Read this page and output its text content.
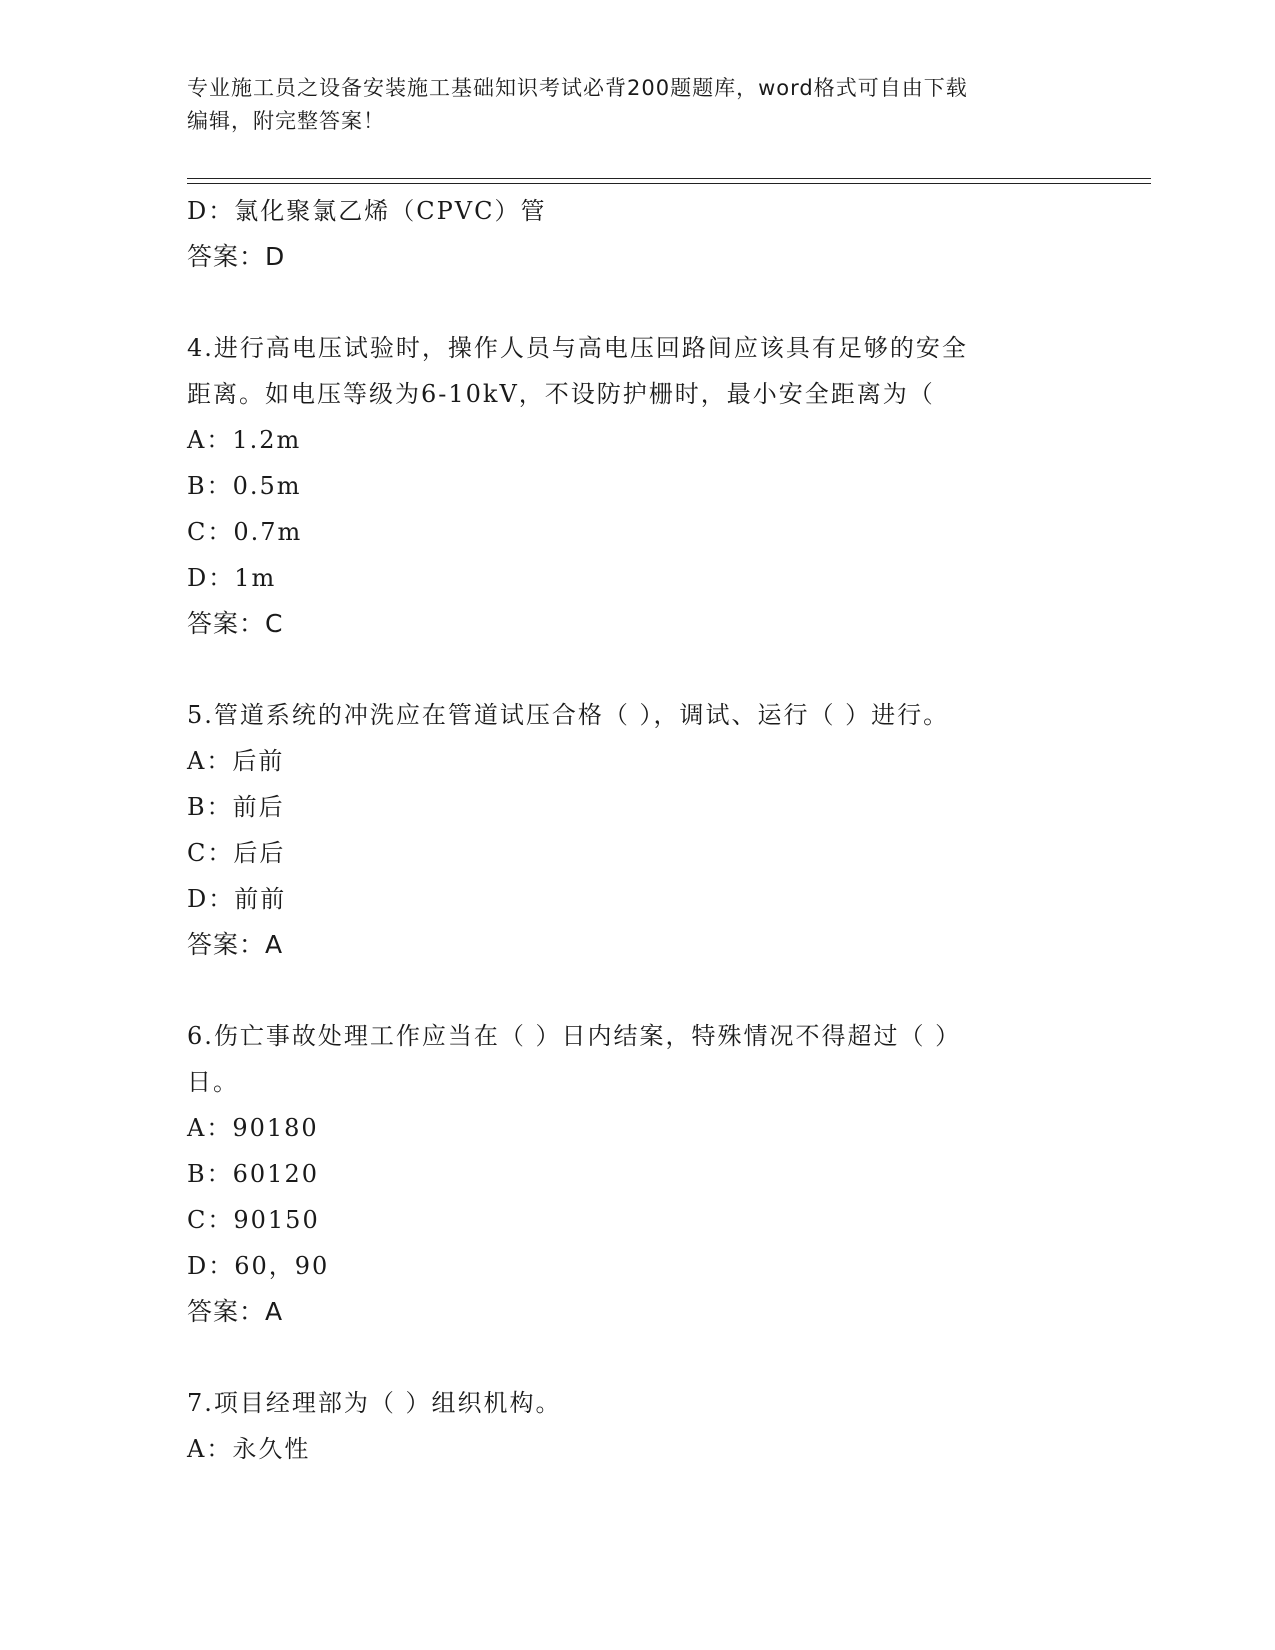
专业施工员之设备安装施工基础知识考试必背200题题库，word格式可自由下载
编辑，附完整答案！
D：氯化聚氯乙烯（CPVC）管
答案：D
4.进行高电压试验时，操作人员与高电压回路间应该具有足够的安全
距离。如电压等级为6-10kV，不设防护栅时，最小安全距离为（
A：1.2m
B：0.5m
C：0.7m
D：1m
答案：C
5.管道系统的冲洗应在管道试压合格（ ），调试、运行（ ）进行。
A：后前
B：前后
C：后后
D：前前
答案：A
6.伤亡事故处理工作应当在（ ）日内结案，特殊情况不得超过（ ）
日。
A：90180
B：60120
C：90150
D：60，90
答案：A
7.项目经理部为（ ）组织机构。
A：永久性
